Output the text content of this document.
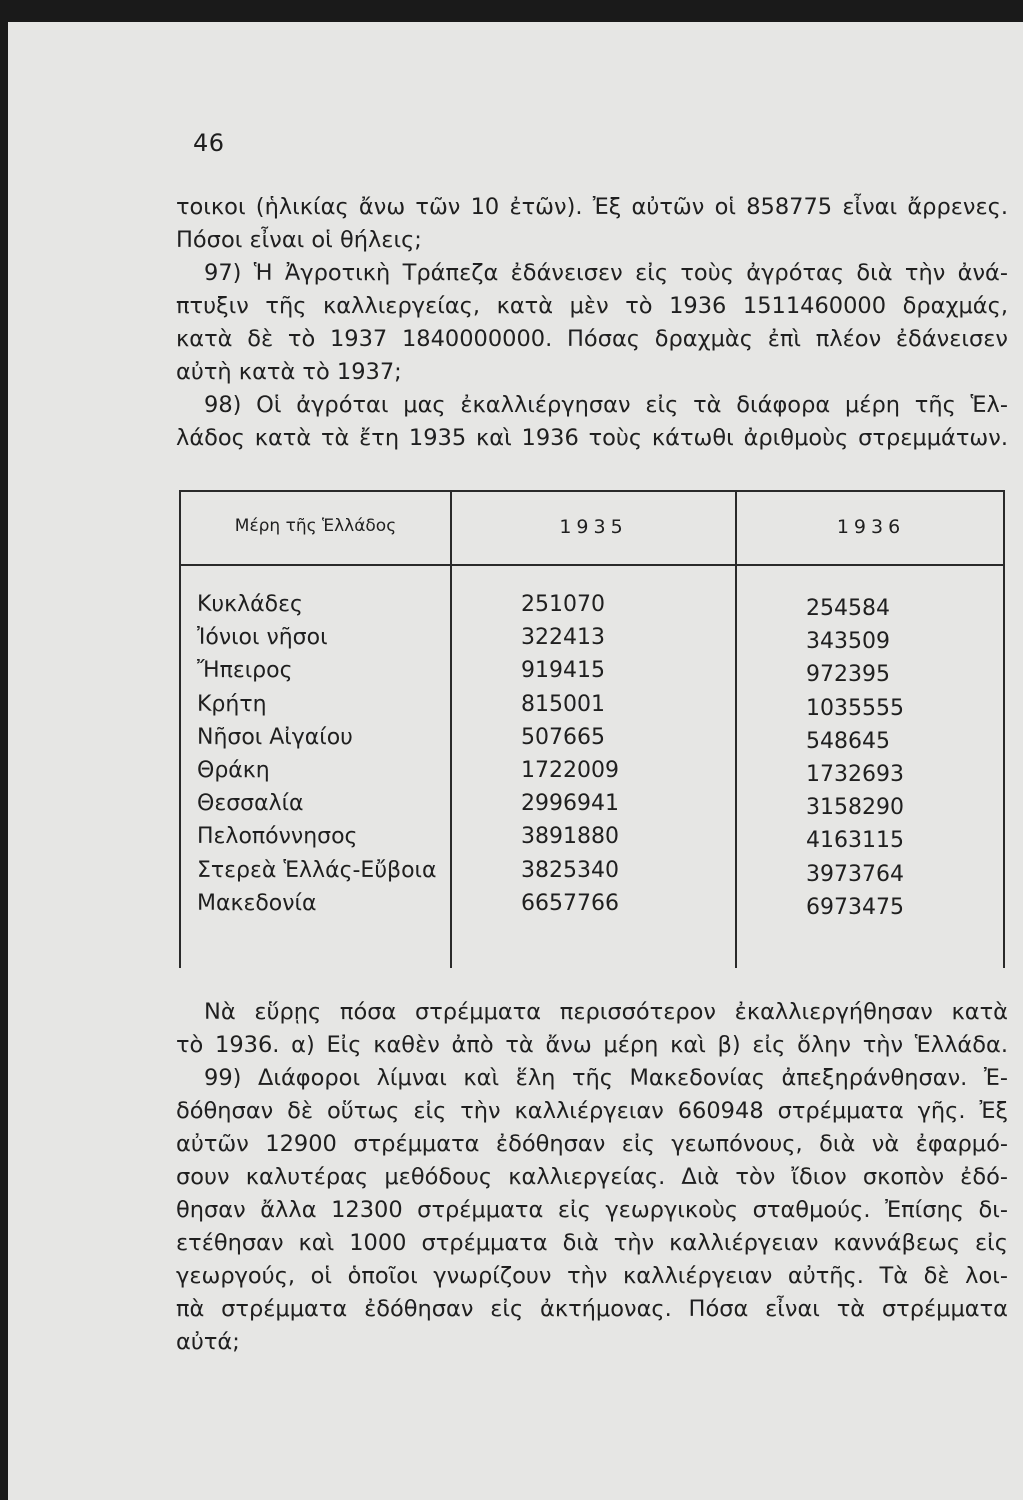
46
τοικοι (ἡλικίας ἄνω τῶν 10 ἐτῶν). Ἐξ αὐτῶν οἱ 858775 εἶναι ἄρρενες.
Πόσοι εἶναι οἱ θήλεις;
97) Ἡ Ἀγροτικὴ Τράπεζα ἐδάνεισεν εἰς τοὺς ἀγρότας διὰ τὴν ἀνά-
πτυξιν τῆς καλλιεργείας, κατὰ μὲν τὸ 1936 1511460000 δραχμάς,
κατὰ δὲ τὸ 1937 1840000000. Πόσας δραχμὰς ἐπὶ πλέον ἐδάνεισεν
αὐτὴ κατὰ τὸ 1937;
98) Οἱ ἀγρόται μας ἐκαλλιέργησαν εἰς τὰ διάφορα μέρη τῆς Ἑλ-
λάδος κατὰ τὰ ἔτη 1935 καὶ 1936 τοὺς κάτωθι ἀριθμοὺς στρεμμάτων.
Μέρη τῆς Ἑλλάδος	1935	1936
Κυκλάδες	251070	254584
Ἰόνιοι νῆσοι	322413	343509
Ἤπειρος	919415	972395
Κρήτη	815001	1035555
Νῆσοι Αἰγαίου	507665	548645
Θράκη	1722009	1732693
Θεσσαλία	2996941	3158290
Πελοπόννησος	3891880	4163115
Στερεὰ Ἑλλάς-Εὔβοια	3825340	3973764
Μακεδονία	6657766	6973475
Νὰ εὕρῃς πόσα στρέμματα περισσότερον ἐκαλλιεργήθησαν κατὰ
τὸ 1936. α) Εἰς καθὲν ἀπὸ τὰ ἄνω μέρη καὶ β) εἰς ὅλην τὴν Ἑλλάδα.
99) Διάφοροι λίμναι καὶ ἕλη τῆς Μακεδονίας ἀπεξηράνθησαν. Ἐ-
δόθησαν δὲ οὕτως εἰς τὴν καλλιέργειαν 660948 στρέμματα γῆς. Ἐξ
αὐτῶν 12900 στρέμματα ἐδόθησαν εἰς γεωπόνους, διὰ νὰ ἐφαρμό-
σουν καλυτέρας μεθόδους καλλιεργείας. Διὰ τὸν ἴδιον σκοπὸν ἐδό-
θησαν ἄλλα 12300 στρέμματα εἰς γεωργικοὺς σταθμούς. Ἐπίσης δι-
ετέθησαν καὶ 1000 στρέμματα διὰ τὴν καλλιέργειαν καννάβεως εἰς
γεωργούς, οἱ ὁποῖοι γνωρίζουν τὴν καλλιέργειαν αὐτῆς. Τὰ δὲ λοι-
πὰ στρέμματα ἐδόθησαν εἰς ἀκτήμονας. Πόσα εἶναι τὰ στρέμματα
αὐτά;
